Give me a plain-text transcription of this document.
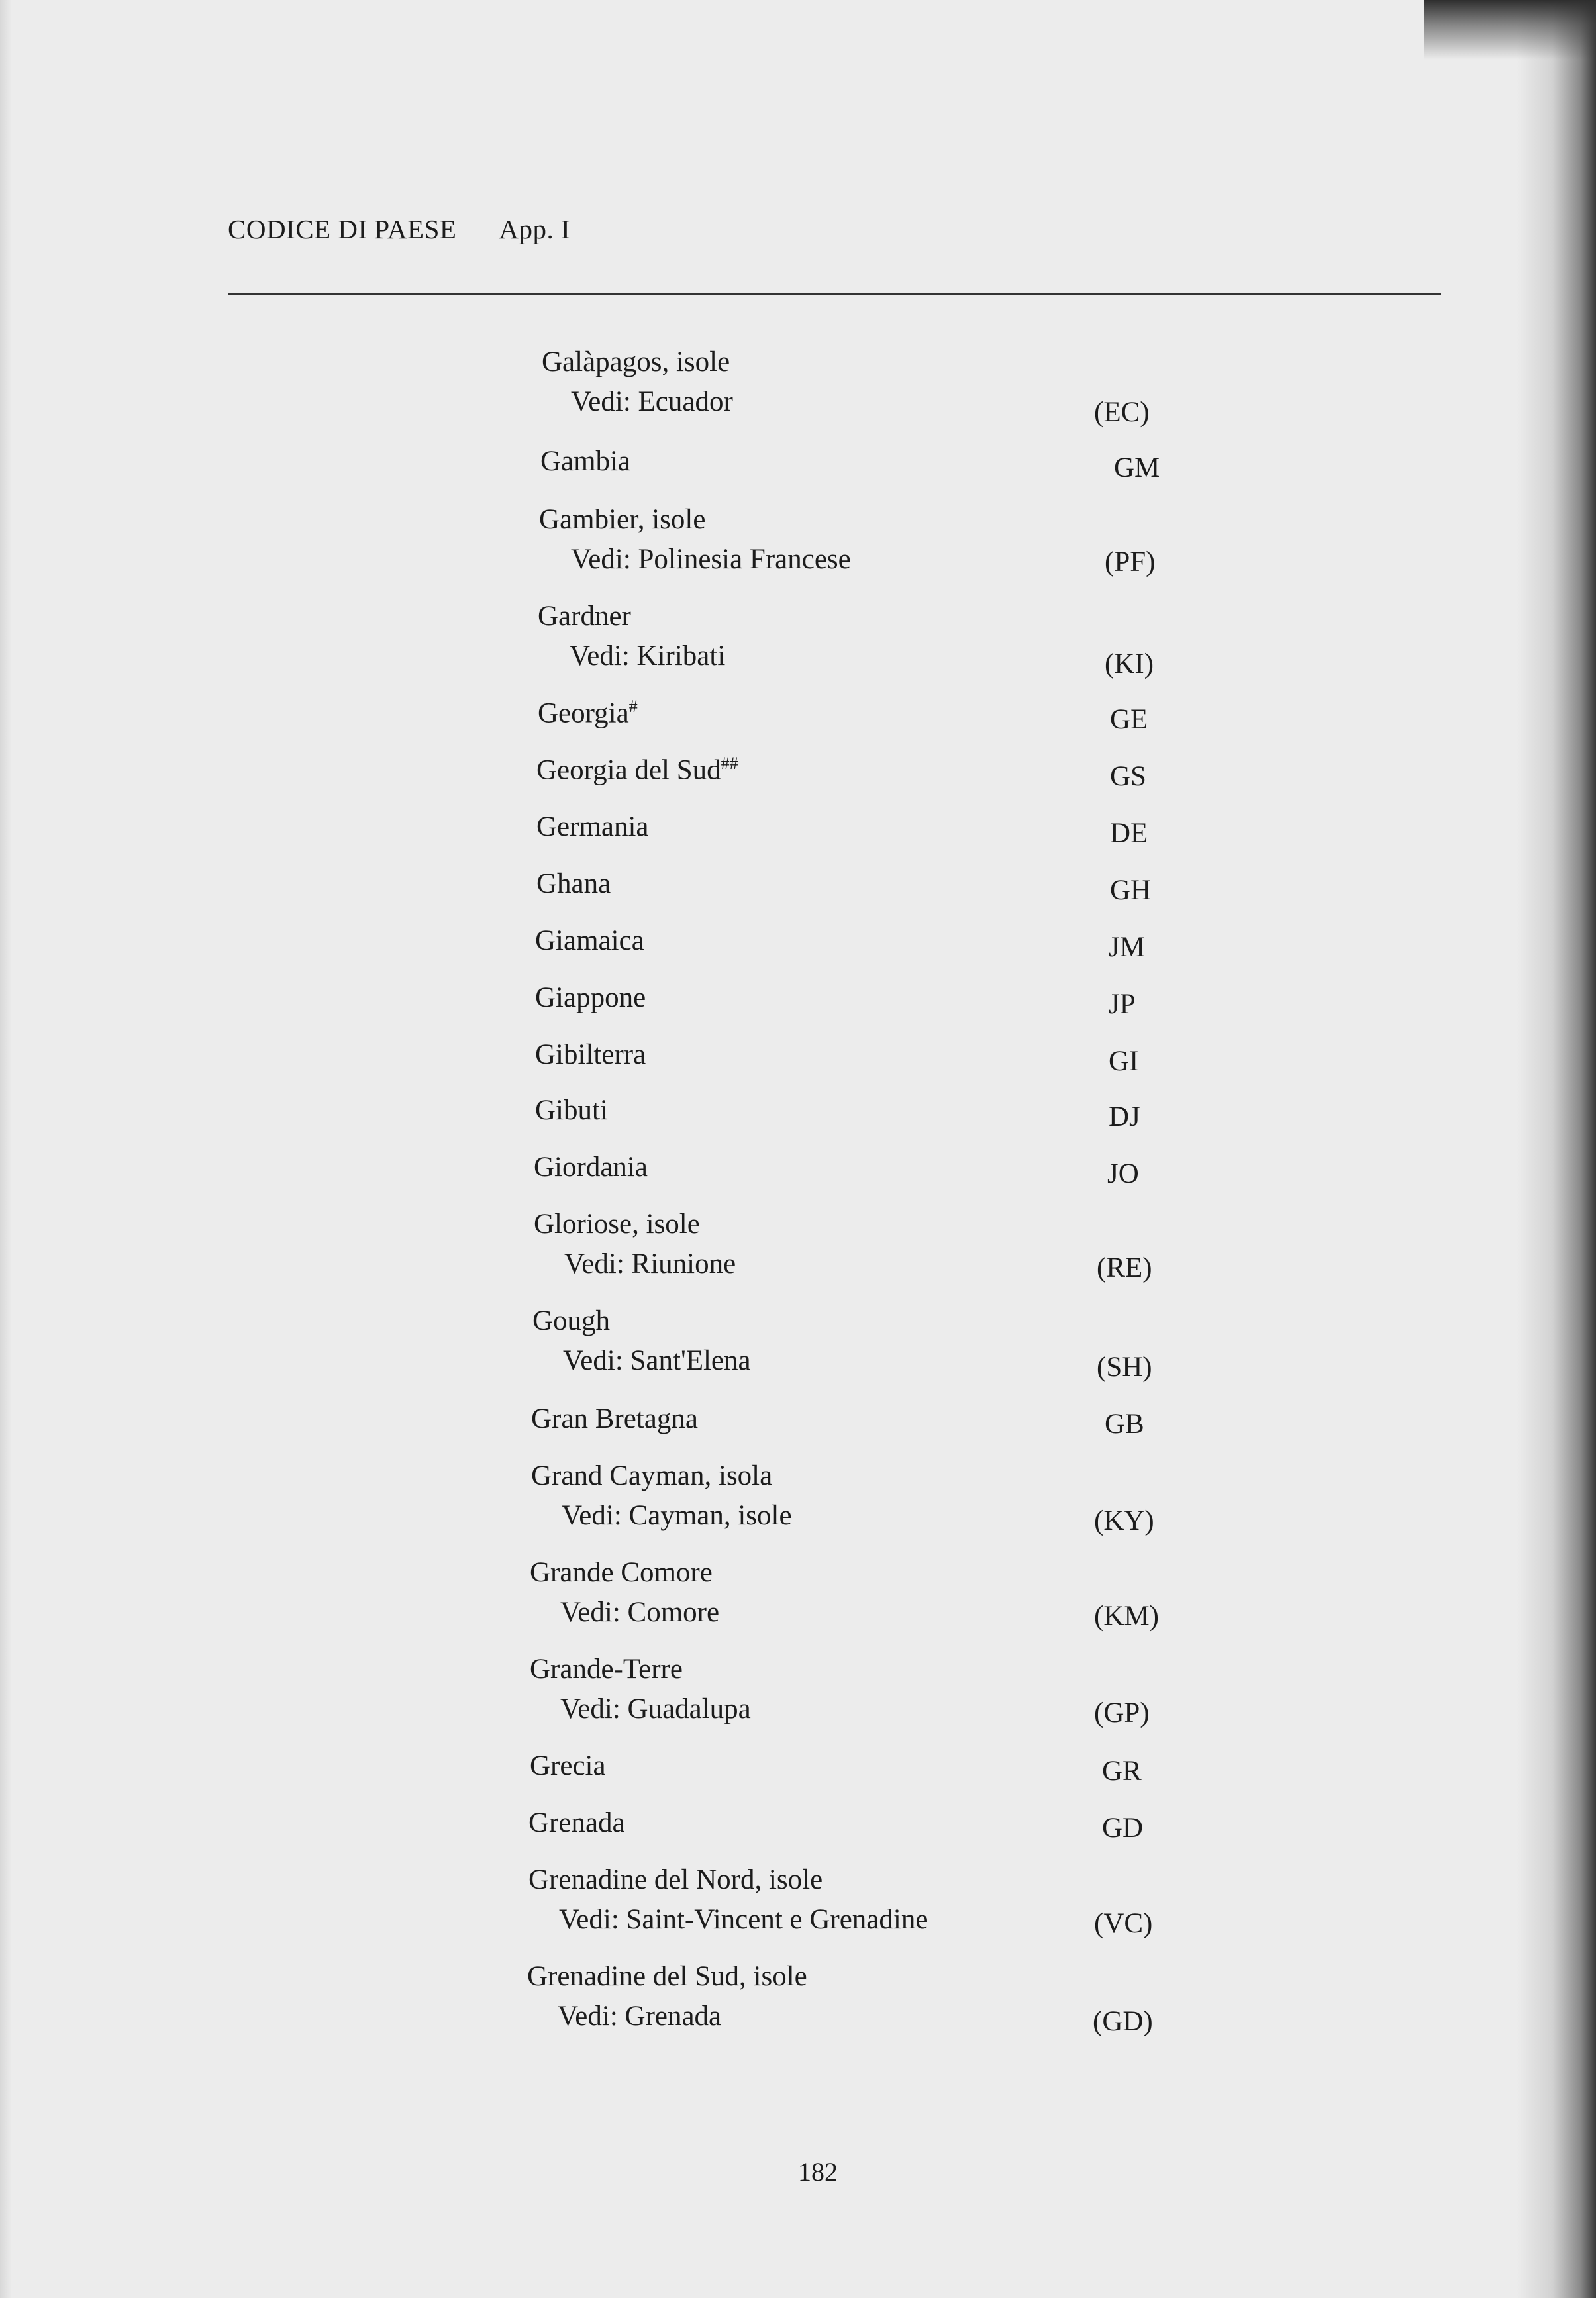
CODICE DI PAESE App. I
Galàpagos, isole
Vedi: Ecuador	(EC)
Gambia	GM
Gambier, isole
Vedi: Polinesia Francese	(PF)
Gardner
Vedi: Kiribati	(KI)
Georgia#	GE
Georgia del Sud##	GS
Germania	DE
Ghana	GH
Giamaica	JM
Giappone	JP
Gibilterra	GI
Gibuti	DJ
Giordania	JO
Gloriose, isole
Vedi: Riunione	(RE)
Gough
Vedi: Sant'Elena	(SH)
Gran Bretagna	GB
Grand Cayman, isola
Vedi: Cayman, isole	(KY)
Grande Comore
Vedi: Comore	(KM)
Grande-Terre
Vedi: Guadalupa	(GP)
Grecia	GR
Grenada	GD
Grenadine del Nord, isole
Vedi: Saint-Vincent e Grenadine	(VC)
Grenadine del Sud, isole
Vedi: Grenada	(GD)
182
